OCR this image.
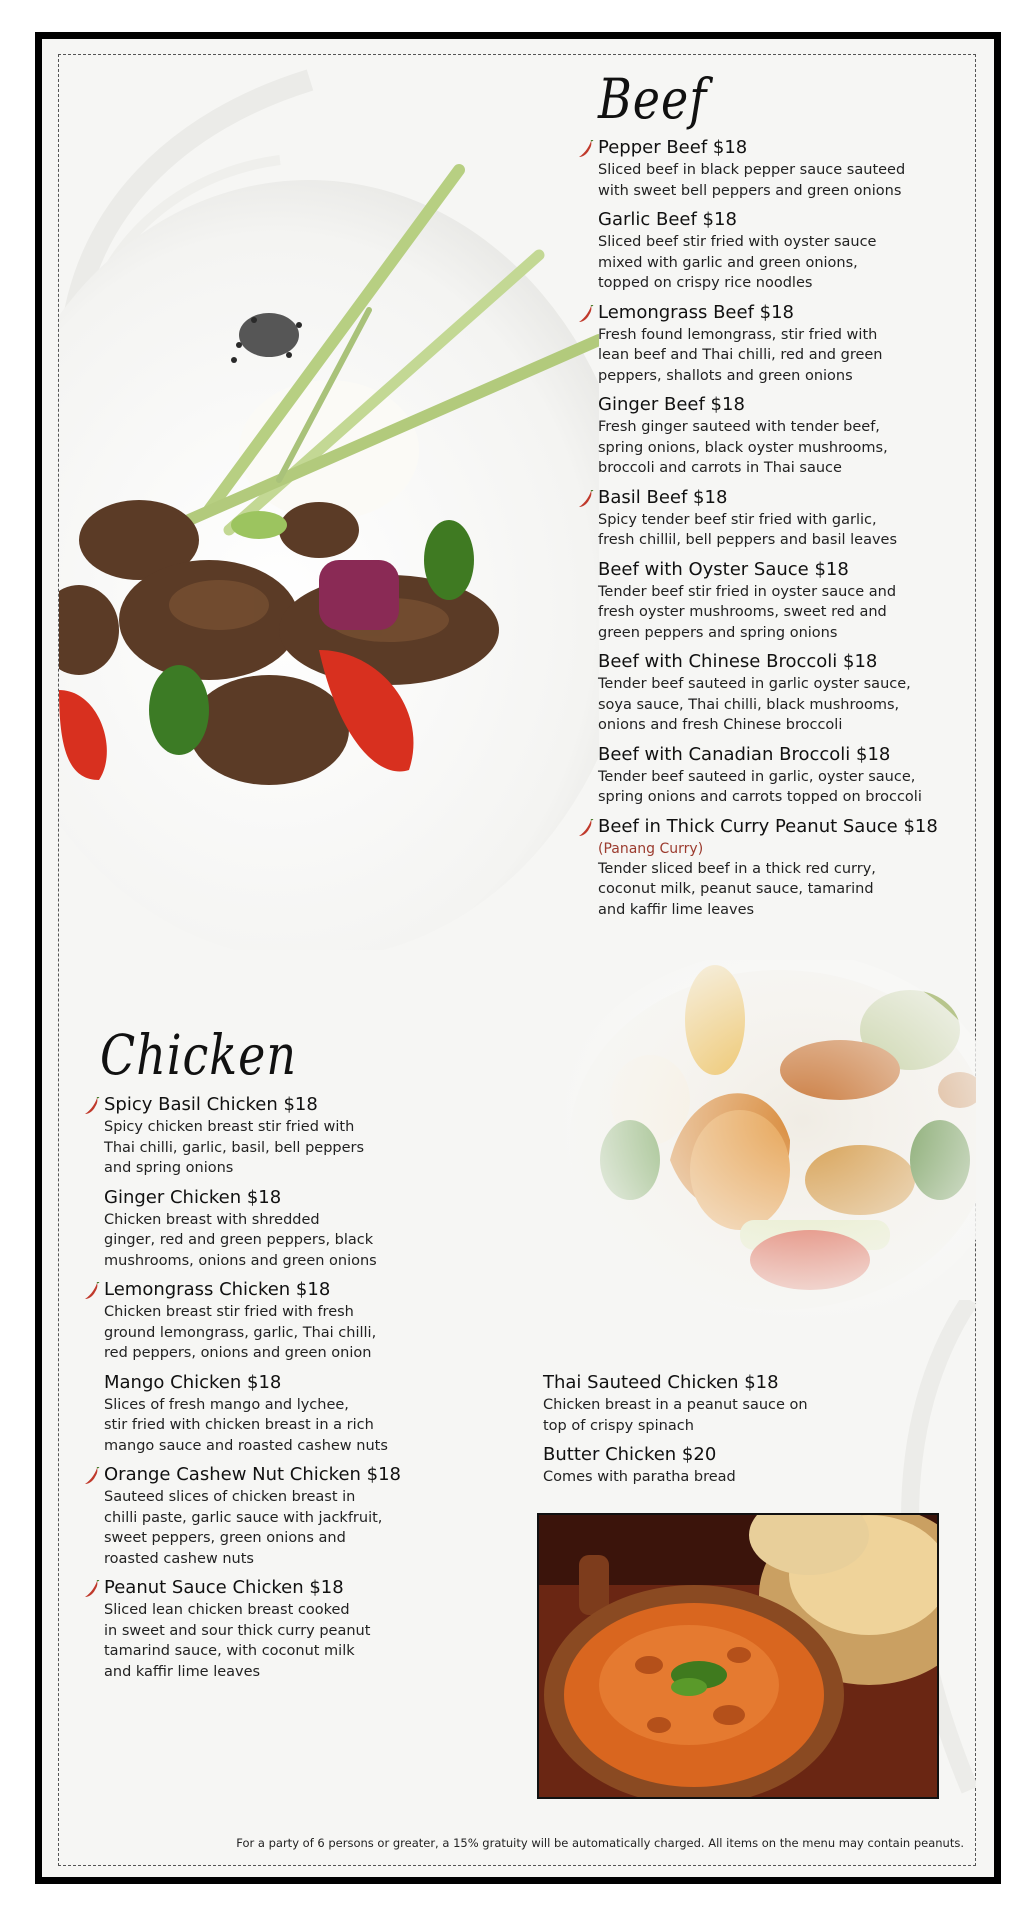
Beef
Pepper Beef $18
Sliced beef in black pepper sauce sauteed
with sweet bell peppers and green onions
Garlic Beef $18
Sliced beef stir fried with oyster sauce
mixed with garlic and green onions,
topped on crispy rice noodles
Lemongrass Beef $18
Fresh found lemongrass, stir fried with
lean beef and Thai chilli, red and green
peppers, shallots and green onions
Ginger Beef $18
Fresh ginger sauteed with tender beef,
spring onions, black oyster mushrooms,
broccoli and carrots in Thai sauce
Basil Beef $18
Spicy tender beef stir fried with garlic,
fresh chillil, bell peppers and basil leaves
Beef with Oyster Sauce $18
Tender beef stir fried in oyster sauce and
fresh oyster mushrooms, sweet red and
green peppers and spring onions
Beef with Chinese Broccoli $18
Tender beef sauteed in garlic oyster sauce,
soya sauce, Thai chilli, black mushrooms,
onions and fresh Chinese broccoli
Beef with Canadian Broccoli $18
Tender beef sauteed in garlic, oyster sauce,
spring onions and carrots topped on broccoli
Beef in Thick Curry Peanut Sauce $18
(Panang Curry)
Tender sliced beef in a thick red curry,
coconut milk, peanut sauce, tamarind
and kaffir lime leaves
Chicken
Spicy Basil Chicken $18
Spicy chicken breast stir fried with
Thai chilli, garlic, basil, bell peppers
and spring onions
Ginger Chicken $18
Chicken breast with shredded
ginger, red and green peppers, black
mushrooms, onions and green onions
Lemongrass Chicken $18
Chicken breast stir fried with fresh
ground lemongrass, garlic, Thai chilli,
red peppers, onions and green onion
Mango Chicken $18
Slices of fresh mango and lychee,
stir fried with chicken breast in a rich
mango sauce and roasted cashew nuts
Orange Cashew Nut Chicken $18
Sauteed slices of chicken breast in
chilli paste, garlic sauce with jackfruit,
sweet peppers, green onions and
roasted cashew nuts
Peanut Sauce Chicken $18
Sliced lean chicken breast cooked
in sweet and sour thick curry peanut
tamarind sauce, with coconut milk
and kaffir lime leaves
Thai Sauteed Chicken $18
Chicken breast in a peanut sauce on
top of crispy spinach
Butter Chicken $20
Comes with paratha bread
For a party of 6 persons or greater, a 15% gratuity will be automatically charged. All items on the menu may contain peanuts.
